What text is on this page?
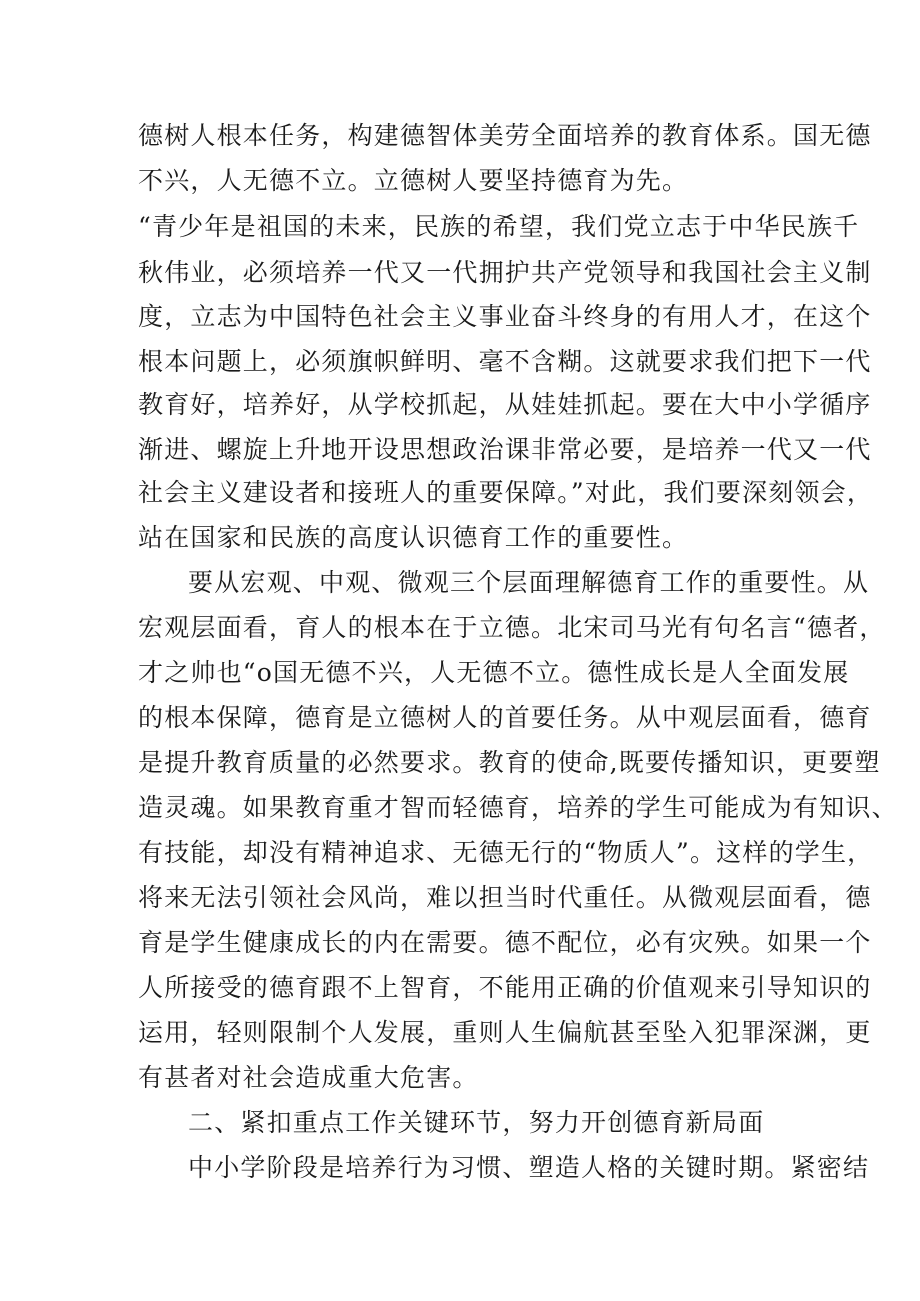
德树人根本任务，构建德智体美劳全面培养的教育体系。国无德
不兴，人无德不立。立德树人要坚持德育为先。
“青少年是祖国的未来，民族的希望，我们党立志于中华民族千
秋伟业，必须培养一代又一代拥护共产党领导和我国社会主义制
度，立志为中国特色社会主义事业奋斗终身的有用人才，在这个
根本问题上，必须旗帜鲜明、毫不含糊。这就要求我们把下一代
教育好，培养好，从学校抓起，从娃娃抓起。要在大中小学循序
渐进、螺旋上升地开设思想政治课非常必要，是培养一代又一代
社会主义建设者和接班人的重要保障。”对此，我们要深刻领会，
站在国家和民族的高度认识德育工作的重要性。
要从宏观、中观、微观三个层面理解德育工作的重要性。从
宏观层面看，育人的根本在于立德。北宋司马光有句名言“德者，
才之帅也“o国无德不兴，人无德不立。德性成长是人全面发展
的根本保障，德育是立德树人的首要任务。从中观层面看，德育
是提升教育质量的必然要求。教育的使命,既要传播知识，更要塑
造灵魂。如果教育重才智而轻德育，培养的学生可能成为有知识、
有技能，却没有精神追求、无德无行的“物质人”。这样的学生，
将来无法引领社会风尚，难以担当时代重任。从微观层面看，德
育是学生健康成长的内在需要。德不配位，必有灾殃。如果一个
人所接受的德育跟不上智育，不能用正确的价值观来引导知识的
运用，轻则限制个人发展，重则人生偏航甚至坠入犯罪深渊，更
有甚者对社会造成重大危害。
二、紧扣重点工作关键环节，努力开创德育新局面
中小学阶段是培养行为习惯、塑造人格的关键时期。紧密结
